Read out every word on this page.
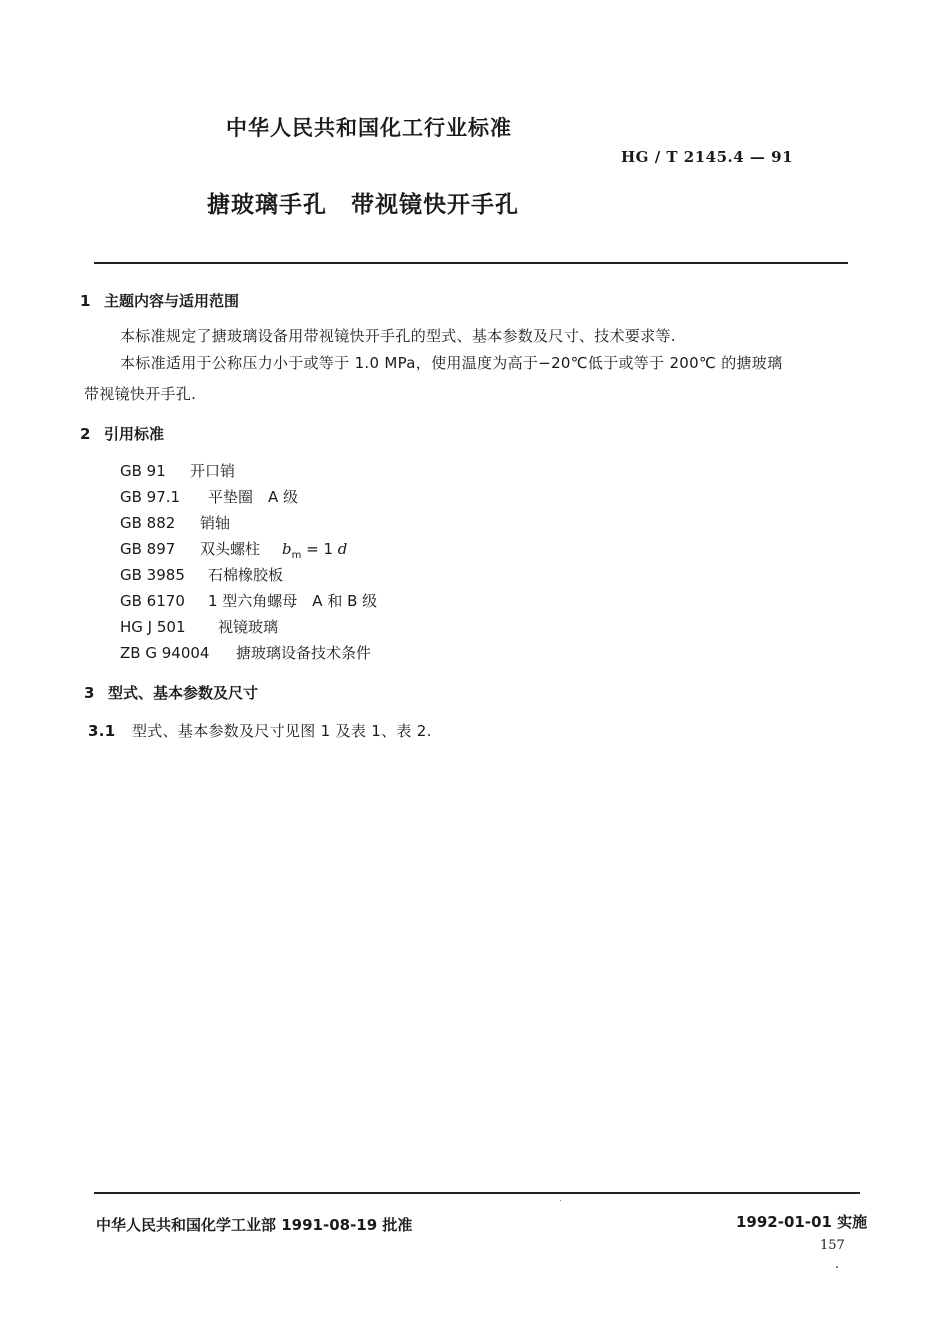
中华人民共和国化工行业标准
HG / T 2145.4 — 91
搪玻璃手孔 带视镜快开手孔
1 主题内容与适用范围
本标准规定了搪玻璃设备用带视镜快开手孔的型式、基本参数及尺寸、技术要求等.
本标准适用于公称压力小于或等于 1.0 MPa，使用温度为高于−20℃低于或等于 200℃ 的搪玻璃
带视镜快开手孔.
2 引用标准
GB 91 开口销
GB 97.1 平垫圈　A 级
GB 882 销轴
GB 897 双头螺柱 $b_m = 1$ d
GB 3985 石棉橡胶板
GB 6170 1 型六角螺母　A 和 B 级
HG J 501 视镜玻璃
ZB G 94004 搪玻璃设备技术条件
3 型式、基本参数及尺寸
3.1 型式、基本参数及尺寸见图 1 及表 1、表 2.
中华人民共和国化学工业部 1991-08-19 批准	1992-01-01 实施
157
